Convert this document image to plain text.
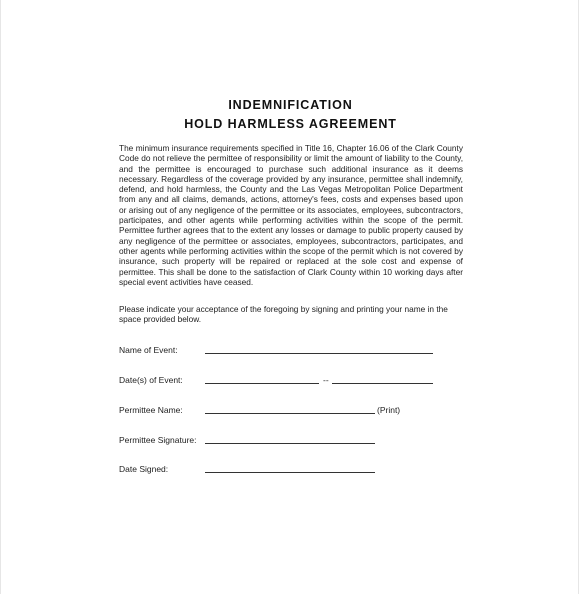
INDEMNIFICATION
HOLD HARMLESS AGREEMENT

The minimum insurance requirements specified in Title 16, Chapter 16.06 of the Clark County Code do not relieve the permittee of responsibility or limit the amount of liability to the County, and the permittee is encouraged to purchase such additional insurance as it deems necessary. Regardless of the coverage provided by any insurance, permittee shall indemnify, defend, and hold harmless, the County and the Las Vegas Metropolitan Police Department from any and all claims, demands, actions, attorney's fees, costs and expenses based upon or arising out of any negligence of the permittee or its associates, employees, subcontractors, participates, and other agents while performing activities within the scope of the permit. Permittee further agrees that to the extent any losses or damage to public property caused by any negligence of the permittee or associates, employees, subcontractors, participates, and other agents while performing activities within the scope of the permit which is not covered by insurance, such property will be repaired or replaced at the sole cost and expense of permittee. This shall be done to the satisfaction of Clark County within 10 working days after special event activities have ceased.

Please indicate your acceptance of the foregoing by signing and printing your name in the space provided below.

Name of Event:
Date(s) of Event:	--
Permittee Name:	(Print)
Permittee Signature:
Date Signed:
